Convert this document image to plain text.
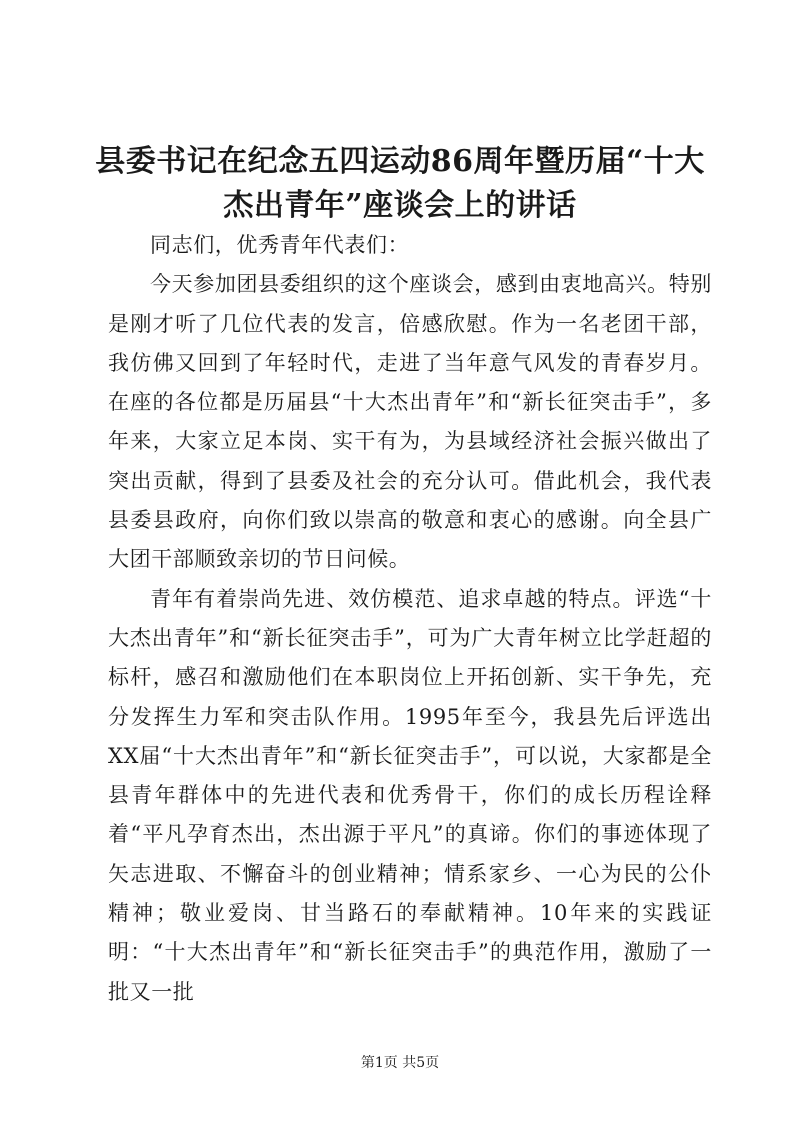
县委书记在纪念五四运动86周年暨历届“十大杰出青年”座谈会上的讲话

同志们，优秀青年代表们：

今天参加团县委组织的这个座谈会，感到由衷地高兴。特别是刚才听了几位代表的发言，倍感欣慰。作为一名老团干部，我仿佛又回到了年轻时代，走进了当年意气风发的青春岁月。在座的各位都是历届县“十大杰出青年”和“新长征突击手”，多年来，大家立足本岗、实干有为，为县域经济社会振兴做出了突出贡献，得到了县委及社会的充分认可。借此机会，我代表县委县政府，向你们致以崇高的敬意和衷心的感谢。向全县广大团干部顺致亲切的节日问候。

青年有着崇尚先进、效仿模范、追求卓越的特点。评选“十大杰出青年”和“新长征突击手”，可为广大青年树立比学赶超的标杆，感召和激励他们在本职岗位上开拓创新、实干争先，充分发挥生力军和突击队作用。1995年至今，我县先后评选出XX届“十大杰出青年”和“新长征突击手”，可以说，大家都是全县青年群体中的先进代表和优秀骨干，你们的成长历程诠释着“平凡孕育杰出，杰出源于平凡”的真谛。你们的事迹体现了矢志进取、不懈奋斗的创业精神；情系家乡、一心为民的公仆精神；敬业爱岗、甘当路石的奉献精神。10年来的实践证明：“十大杰出青年”和“新长征突击手”的典范作用，激励了一批又一批

第1页 共5页
